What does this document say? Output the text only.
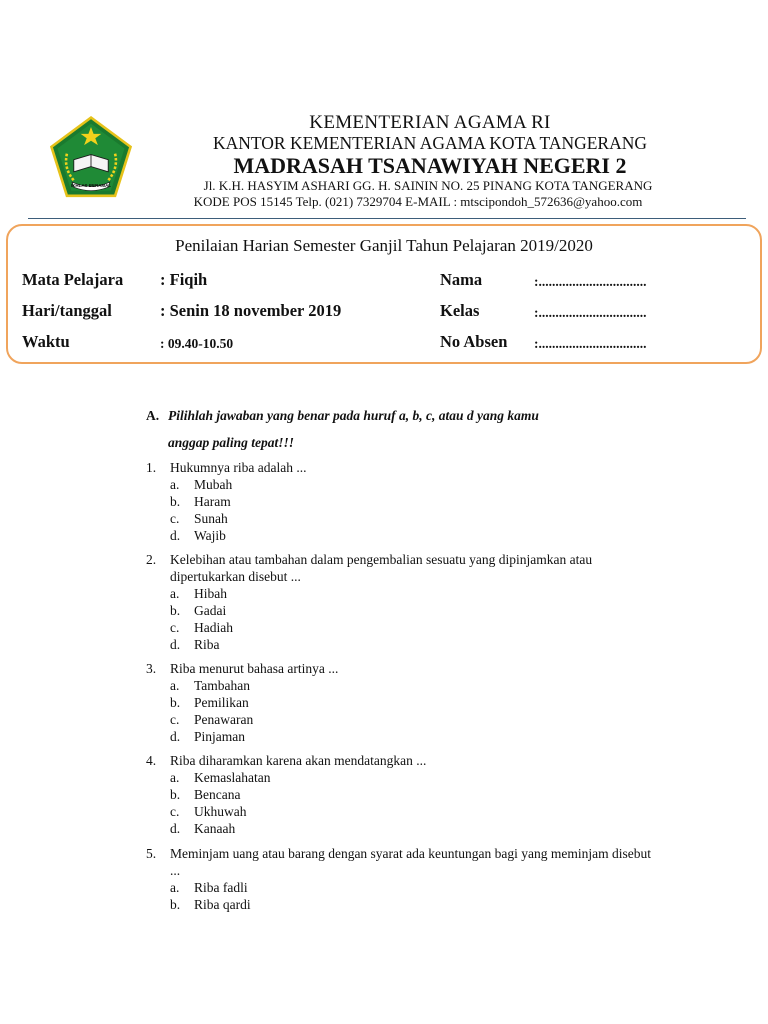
IKHLAS BERAMAL
KEMENTERIAN AGAMA RI
KANTOR KEMENTERIAN AGAMA KOTA TANGERANG
MADRASAH TSANAWIYAH NEGERI 2
Jl. K.H. HASYIM ASHARI GG. H. SAININ NO. 25 PINANG KOTA TANGERANG
KODE POS 15145 Telp. (021) 7329704 E-MAIL : mtscipondoh_572636@yahoo.com
Penilaian Harian Semester Ganjil Tahun Pelajaran 2019/2020
Mata Pelajara : Fiqih	Nama	:................................
Hari/tanggal	: Senin 18 november 2019	Kelas	:................................
Waktu	: 09.40-10.50	No Absen :................................
A. Pilihlah jawaban yang benar pada huruf a, b, c, atau d yang kamu
anggap paling tepat!!!
1. Hukumnya riba adalah ...
a.	Mubah
b.	Haram
c.	Sunah
d.	Wajib
2. Kelebihan atau tambahan dalam pengembalian sesuatu yang dipinjamkan atau dipertukarkan disebut ...
a.	Hibah
b.	Gadai
c.	Hadiah
d.	Riba
3. Riba menurut bahasa artinya ...
a.	Tambahan
b.	Pemilikan
c.	Penawaran
d.	Pinjaman
4. Riba diharamkan karena akan mendatangkan ...
a.	Kemaslahatan
b.	Bencana
c.	Ukhuwah
d.	Kanaah
5. Meminjam uang atau barang dengan syarat ada keuntungan bagi yang meminjam disebut ...
a.	Riba fadli
b.	Riba qardi
